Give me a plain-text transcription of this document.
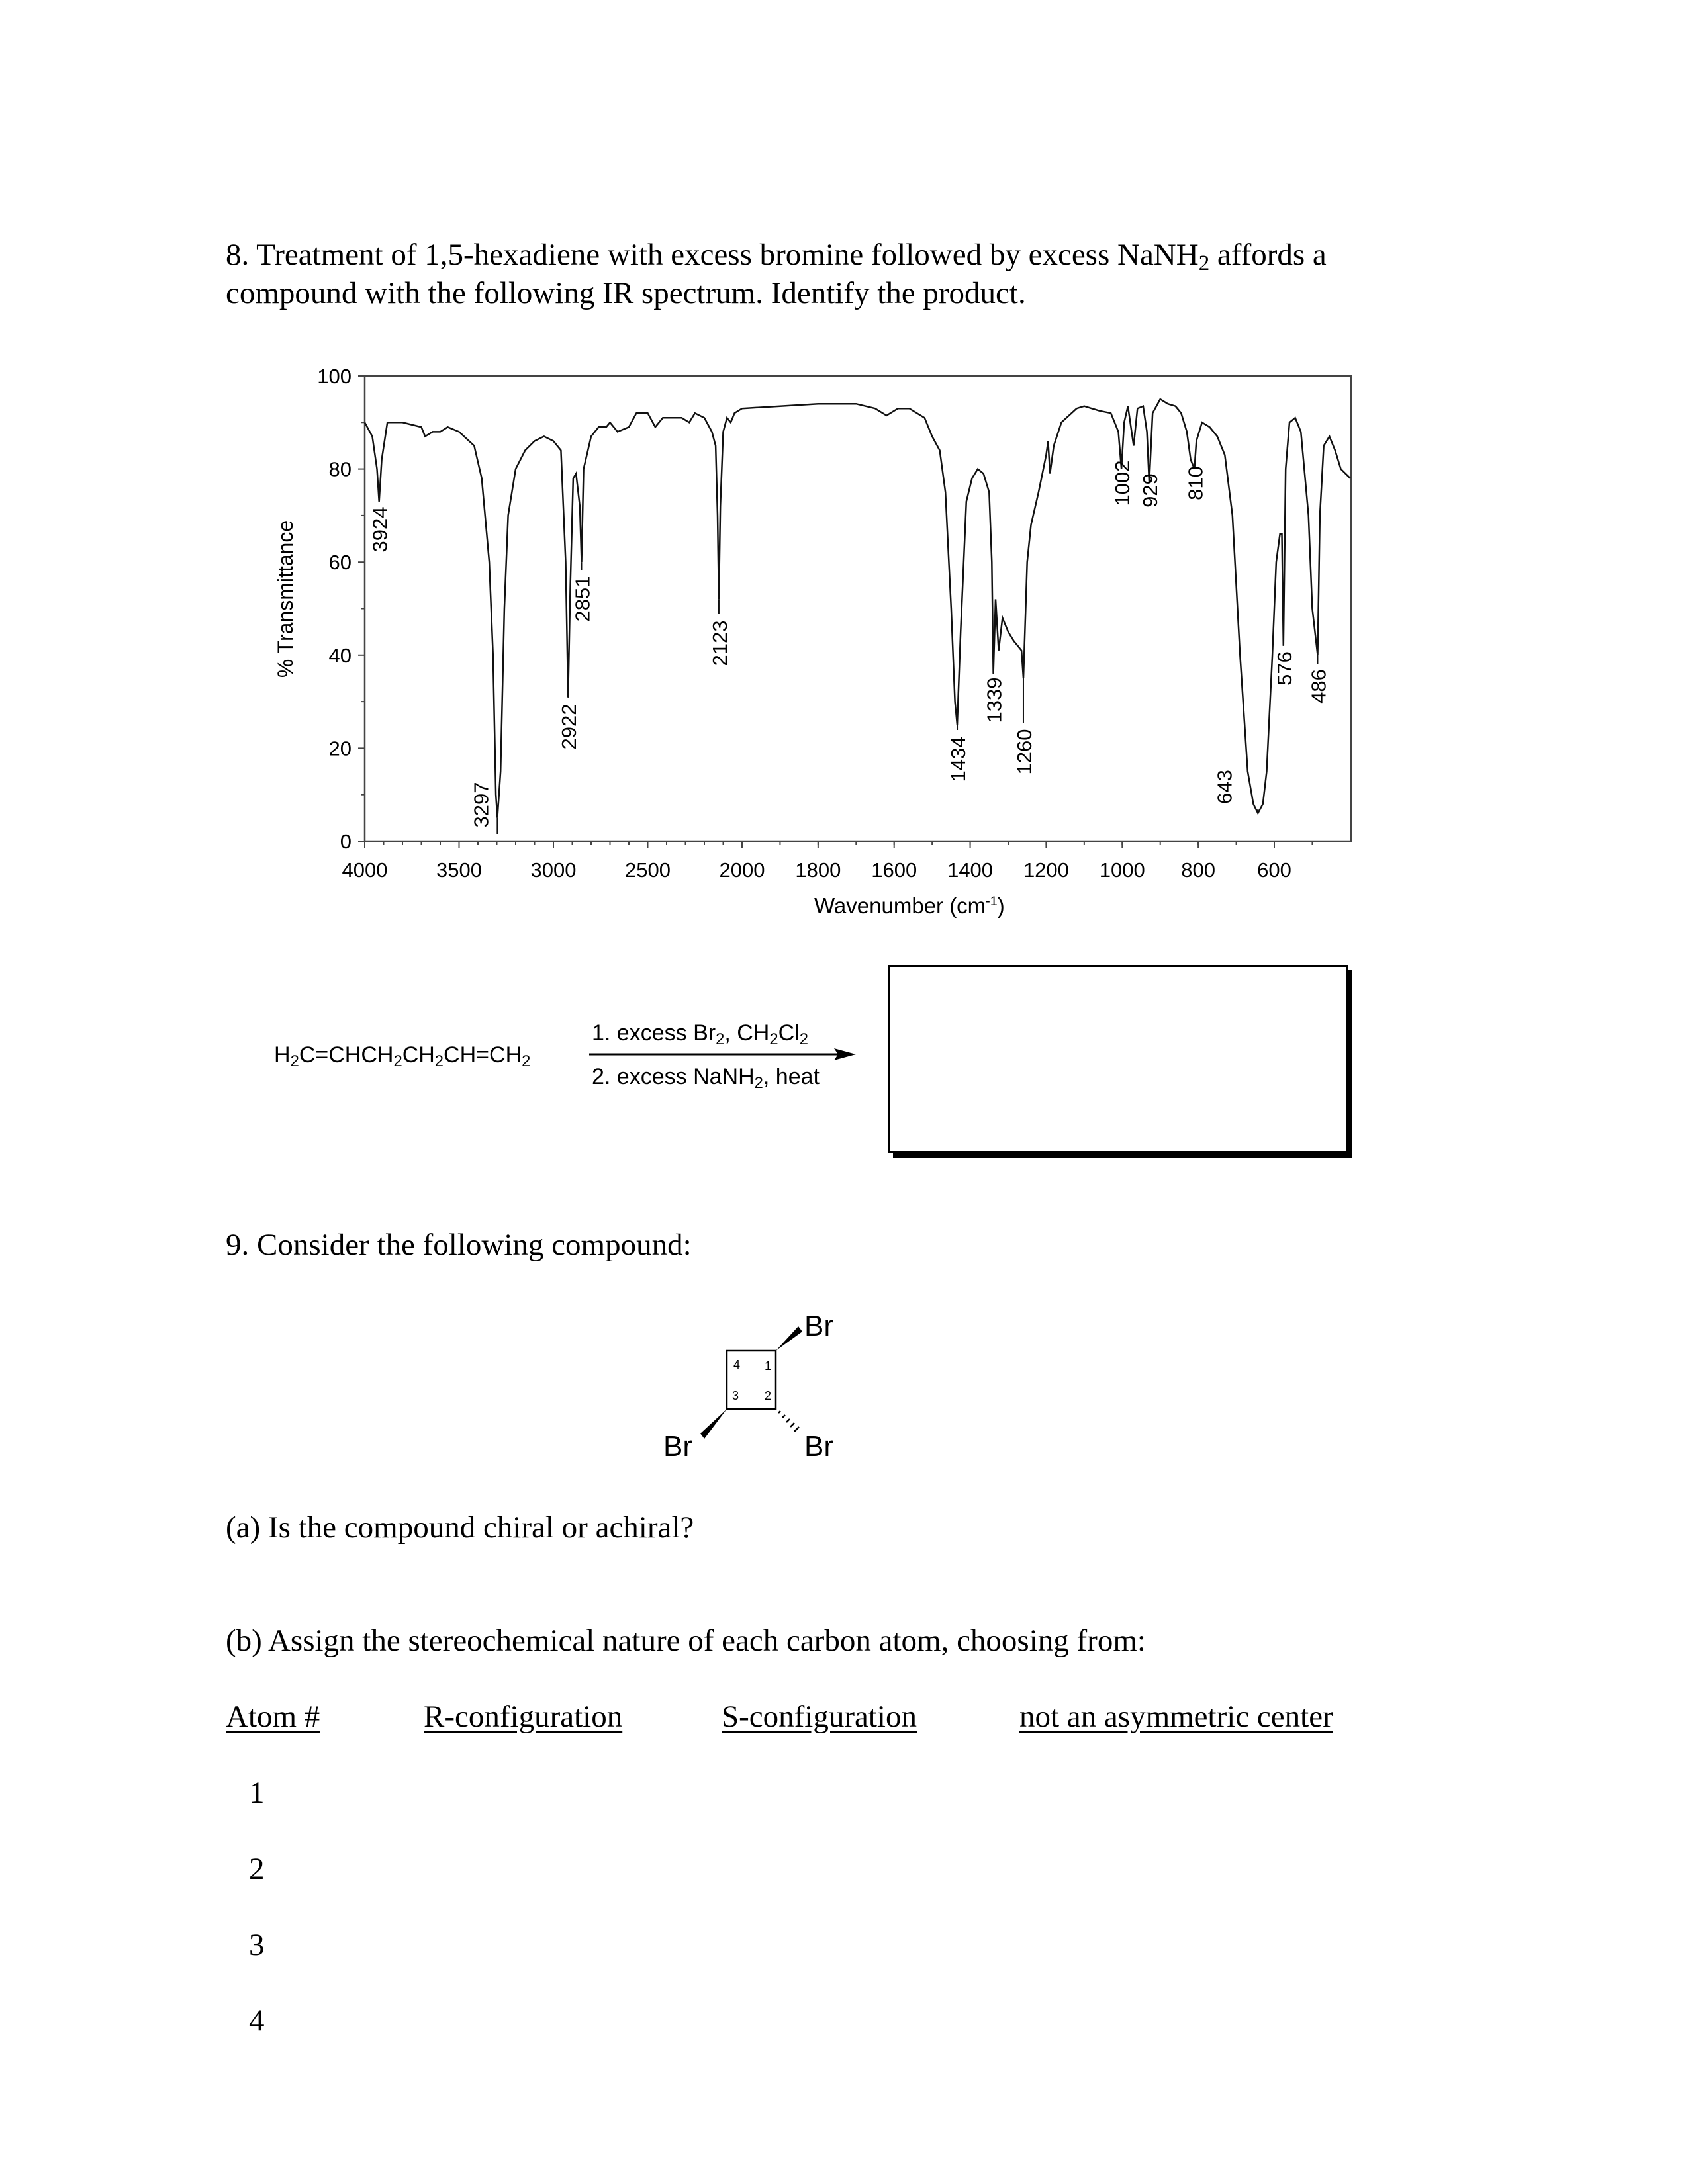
8. Treatment of 1,5-hexadiene with excess bromine followed by excess NaNH$_2$ affords a
compound with the following IR spectrum. Identify the product.
100
80
60
40
20
0
4000 3500 3000 2500 2000 1800 1600 1400 1200 1000 800 600
3924
3297
2922
2851
2123
1434
1339
1260
1002 929 810
643
576
486
% Transmittance
Wavenumber $(cm^{-1})$
$H_2C=CHCH_2CH_2CH=CH_2$
1. excess $Br_2$, $CH_2Cl_2$
2. excess NaNH$_2$, heat
9. Consider the following compound:
4 1
3 2
Br
Br	Br
(a) Is the compound chiral or achiral?
(b) Assign the stereochemical nature of each carbon atom, choosing from:
Atom #	R-configuration	S-configuration	not an asymmetric center
1
2
3
4
